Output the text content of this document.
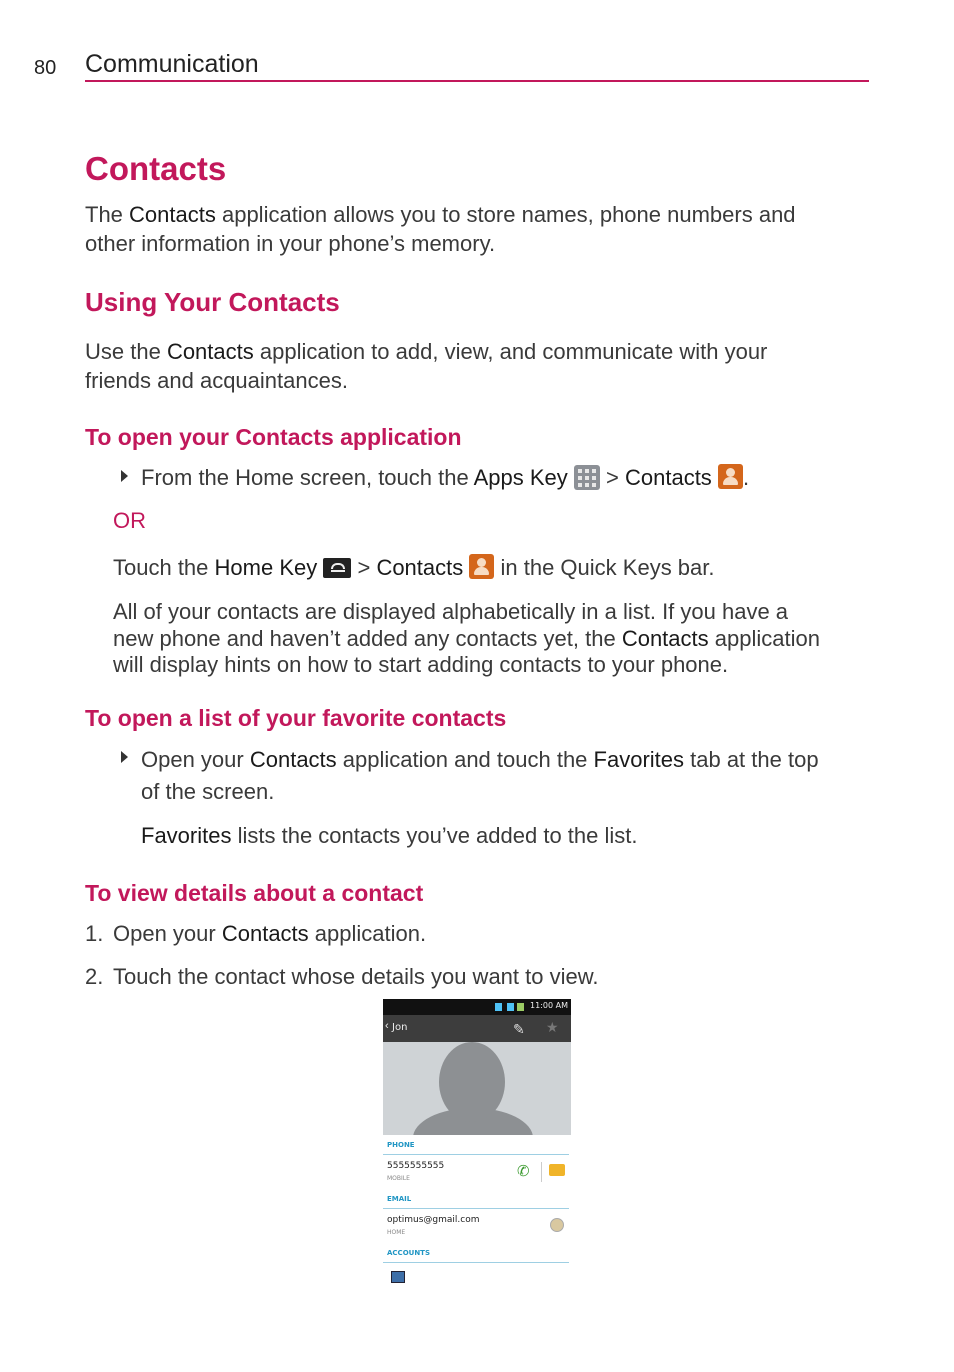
80 Communication
Contacts

The Contacts application allows you to store names, phone numbers and
other information in your phone’s memory.

Using Your Contacts

Use the Contacts application to add, view, and communicate with your
friends and acquaintances.

To open your Contacts application

From the Home screen, touch the Apps Key
> Contacts .

OR

Touch the Home Key  > Contacts  in the Quick Keys bar.

All of your contacts are displayed alphabetically in a list. If you have a
new phone and haven’t added any contacts yet, the Contacts application
will display hints on how to start adding contacts to your phone.

To open a list of your favorite contacts

Open your Contacts application and touch the Favorites tab at the top
of the screen.

Favorites lists the contacts you’ve added to the list.

To view details about a contact
1. Open your Contacts application.

2. Touch the contact whose details you want to view.

11:00 AM
‹ Jon	✎ ★
PHONE
5555555555
MOBILE	✆
EMAIL
optimus@gmail.com
HOME
ACCOUNTS
